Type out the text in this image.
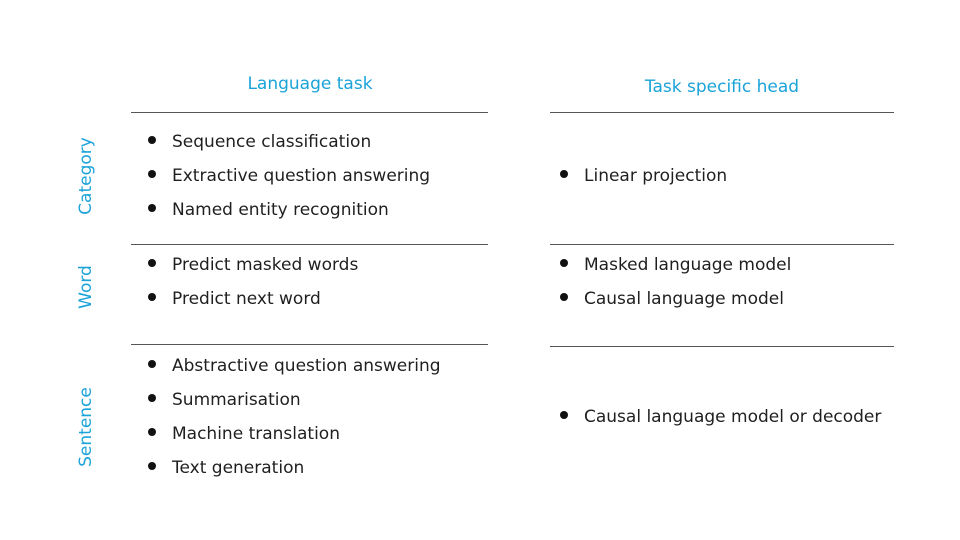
Language task	Task specific head
Category
Word
Sentence
Sequence classification
Extractive question answering
Named entity recognition
Linear projection
Predict masked words
Predict next word
Masked language model
Causal language model
Abstractive question answering
Summarisation
Machine translation
Text generation
Causal language model or decoder
